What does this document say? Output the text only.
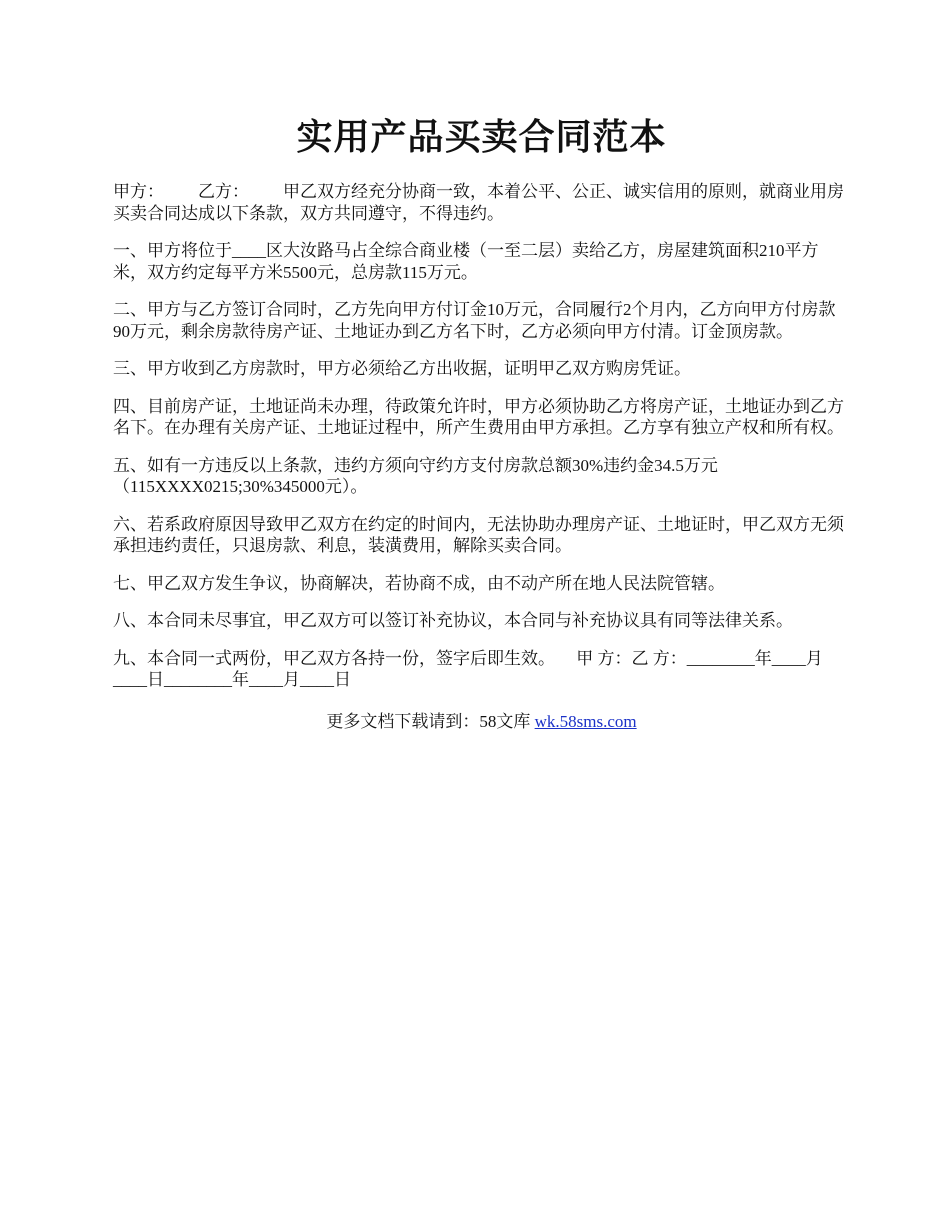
实用产品买卖合同范本

甲方：        乙方：        甲乙双方经充分协商一致，本着公平、公正、诚实信用的原则，就商业用房买卖合同达成以下条款，双方共同遵守，不得违约。

一、甲方将位于____区大汝路马占全综合商业楼（一至二层）卖给乙方，房屋建筑面积210平方米，双方约定每平方米5500元，总房款115万元。

二、甲方与乙方签订合同时，乙方先向甲方付订金10万元，合同履行2个月内，乙方向甲方付房款90万元，剩余房款待房产证、土地证办到乙方名下时，乙方必须向甲方付清。订金顶房款。

三、甲方收到乙方房款时，甲方必须给乙方出收据，证明甲乙双方购房凭证。

四、目前房产证，土地证尚未办理，待政策允许时，甲方必须协助乙方将房产证，土地证办到乙方名下。在办理有关房产证、土地证过程中，所产生费用由甲方承担。乙方享有独立产权和所有权。

五、如有一方违反以上条款，违约方须向守约方支付房款总额30%违约金34.5万元（115XXXX0215;30%345000元）。

六、若系政府原因导致甲乙双方在约定的时间内，无法协助办理房产证、土地证时，甲乙双方无须承担违约责任，只退房款、利息，装潢费用，解除买卖合同。

七、甲乙双方发生争议，协商解决，若协商不成，由不动产所在地人民法院管辖。

八、本合同未尽事宜，甲乙双方可以签订补充协议，本合同与补充协议具有同等法律关系。

九、本合同一式两份，甲乙双方各持一份，签字后即生效。     甲 方：乙 方：________年____月____日________年____月____日

更多文档下载请到：58文库 wk.58sms.com
